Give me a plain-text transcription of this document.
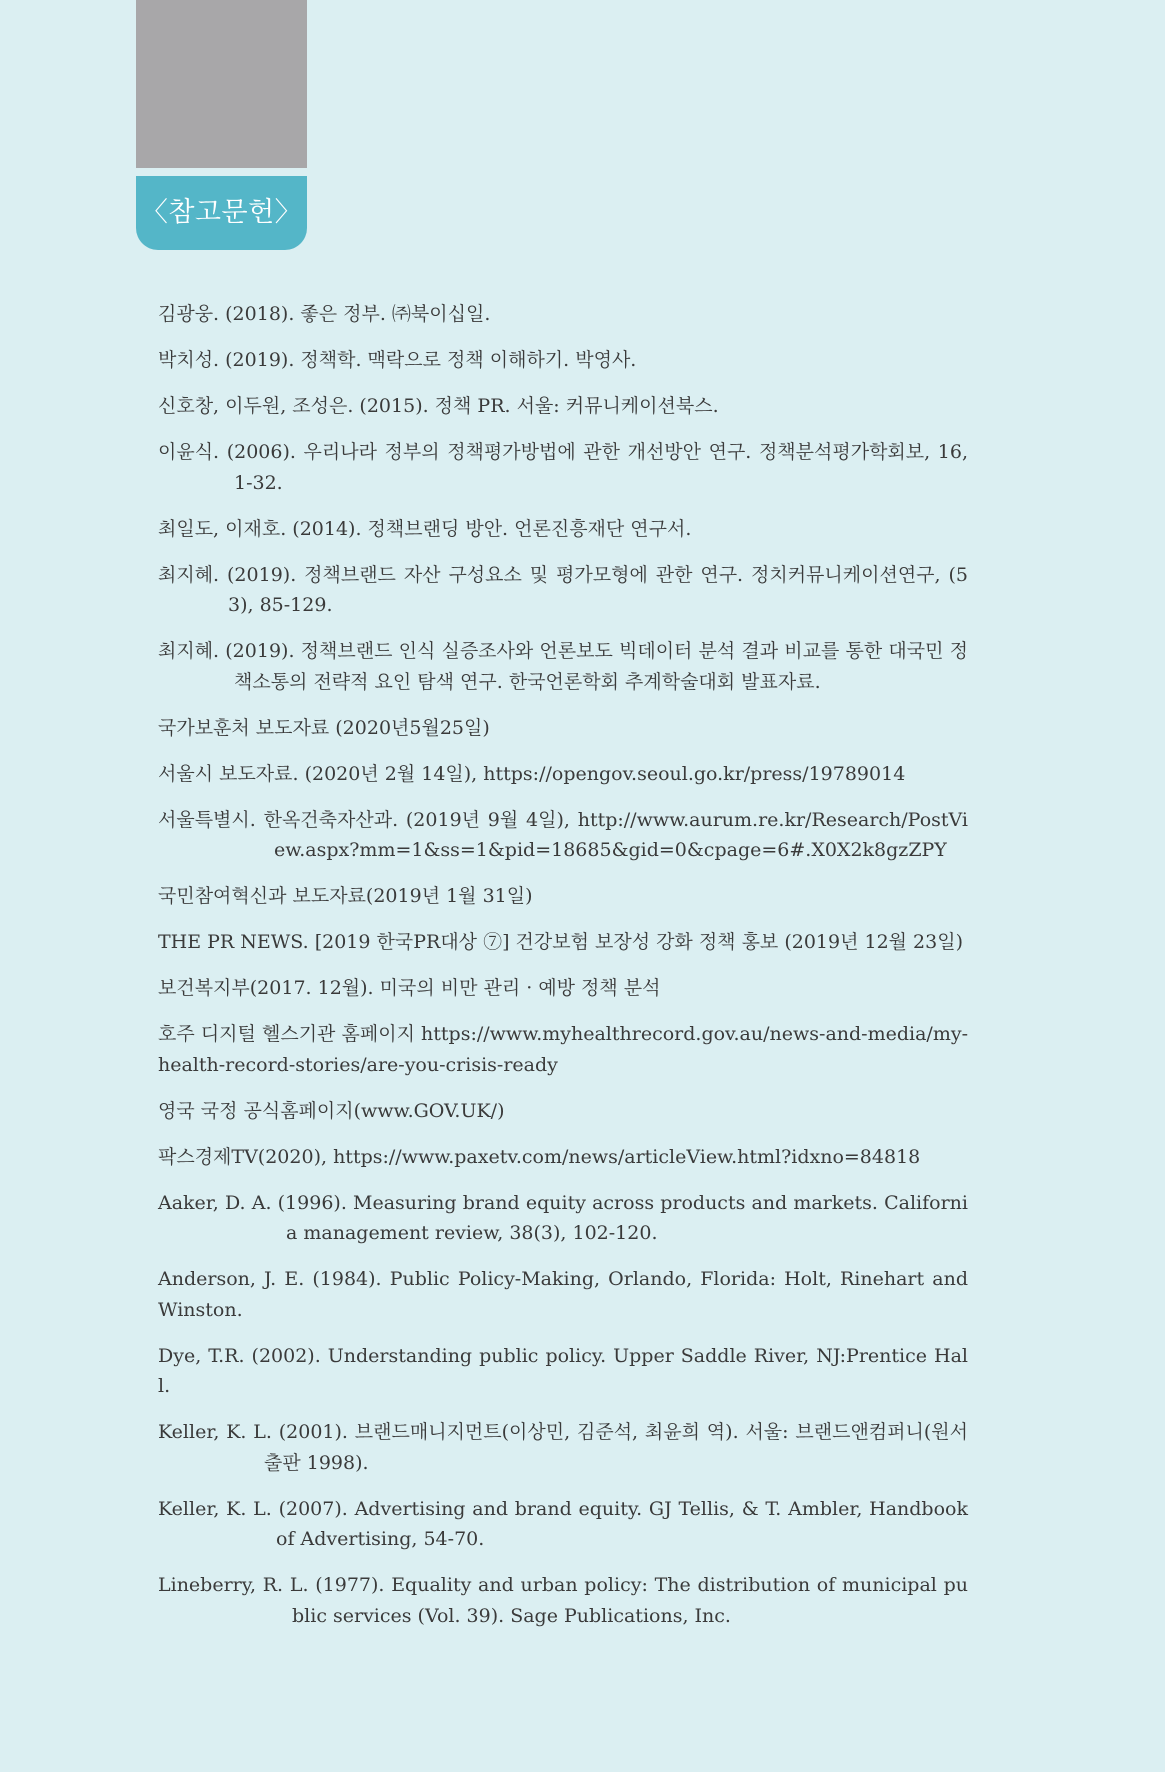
〈참고문헌〉
김광웅. (2018). 좋은 정부. ㈜북이십일.
박치성. (2019). 정책학. 맥락으로 정책 이해하기. 박영사.
신호창, 이두원, 조성은. (2015). 정책 PR. 서울: 커뮤니케이션북스.
이윤식. (2006). 우리나라 정부의 정책평가방법에 관한 개선방안 연구. 정책분석평가학회보, 16, 1-32.
최일도, 이재호. (2014). 정책브랜딩 방안. 언론진흥재단 연구서.
최지혜. (2019). 정책브랜드 자산 구성요소 및 평가모형에 관한 연구. 정치커뮤니케이션연구, (53), 85-129.
최지혜. (2019). 정책브랜드 인식 실증조사와 언론보도 빅데이터 분석 결과 비교를 통한 대국민 정책소통의 전략적 요인 탐색 연구. 한국언론학회 추계학술대회 발표자료.
국가보훈처 보도자료 (2020년5월25일)
서울시 보도자료. (2020년 2월 14일), https://opengov.seoul.go.kr/press/19789014
서울특별시. 한옥건축자산과. (2019년 9월 4일), http://www.aurum.re.kr/Research/PostView.aspx?mm=1&ss=1&pid=18685&gid=0&cpage=6#.X0X2k8gzZPY
국민참여혁신과 보도자료(2019년 1월 31일)
THE PR NEWS. [2019 한국PR대상 ⑦] 건강보험 보장성 강화 정책 홍보 (2019년 12월 23일)
보건복지부(2017. 12월). 미국의 비만 관리 · 예방 정책 분석
호주 디지털 헬스기관 홈페이지 https://www.myhealthrecord.gov.au/news-and-media/my-health-record-stories/are-you-crisis-ready
영국 국정 공식홈페이지(www.GOV.UK/)
팍스경제TV(2020), https://www.paxetv.com/news/articleView.html?idxno=84818
Aaker, D. A. (1996). Measuring brand equity across products and markets. California management review, 38(3), 102-120.
Anderson, J. E. (1984). Public Policy-Making, Orlando, Florida: Holt, Rinehart and Winston.
Dye, T.R. (2002). Understanding public policy. Upper Saddle River, NJ:Prentice Hall.
Keller, K. L. (2001). 브랜드매니지먼트(이상민, 김준석, 최윤희 역). 서울: 브랜드앤컴퍼니(원서 출판 1998).
Keller, K. L. (2007). Advertising and brand equity. GJ Tellis, & T. Ambler, Handbook of Advertising, 54-70.
Lineberry, R. L. (1977). Equality and urban policy: The distribution of municipal public services (Vol. 39). Sage Publications, Inc.
